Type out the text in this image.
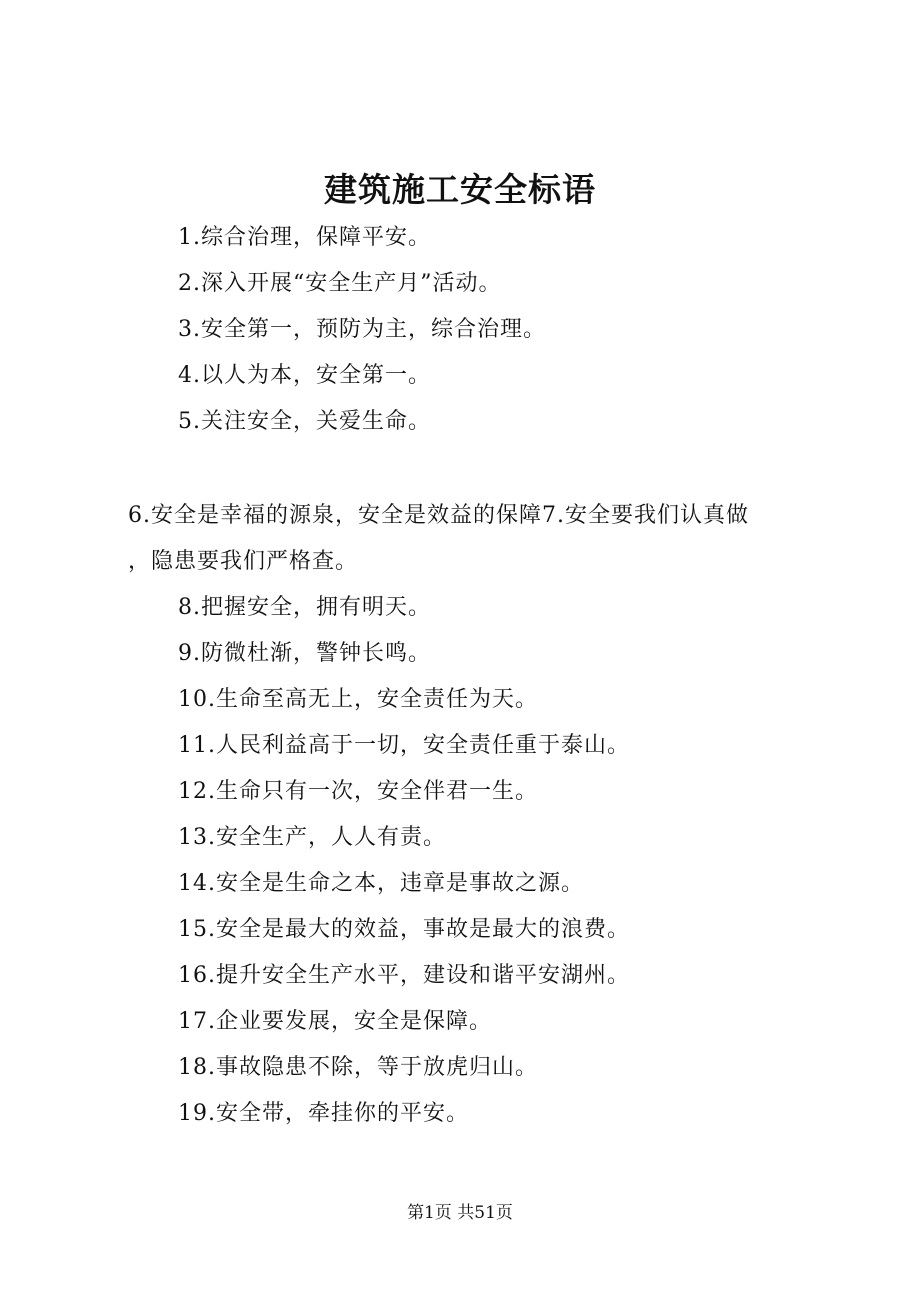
建筑施工安全标语
1.综合治理，保障平安。
2.深入开展“安全生产月”活动。
3.安全第一，预防为主，综合治理。
4.以人为本，安全第一。
5.关注安全，关爱生命。
6.安全是幸福的源泉，安全是效益的保障7.安全要我们认真做
，隐患要我们严格查。
8.把握安全，拥有明天。
9.防微杜渐，警钟长鸣。
10.生命至高无上，安全责任为天。
11.人民利益高于一切，安全责任重于泰山。
12.生命只有一次，安全伴君一生。
13.安全生产，人人有责。
14.安全是生命之本，违章是事故之源。
15.安全是最大的效益，事故是最大的浪费。
16.提升安全生产水平，建设和谐平安湖州。
17.企业要发展，安全是保障。
18.事故隐患不除，等于放虎归山。
19.安全带，牵挂你的平安。
第1页 共51页
